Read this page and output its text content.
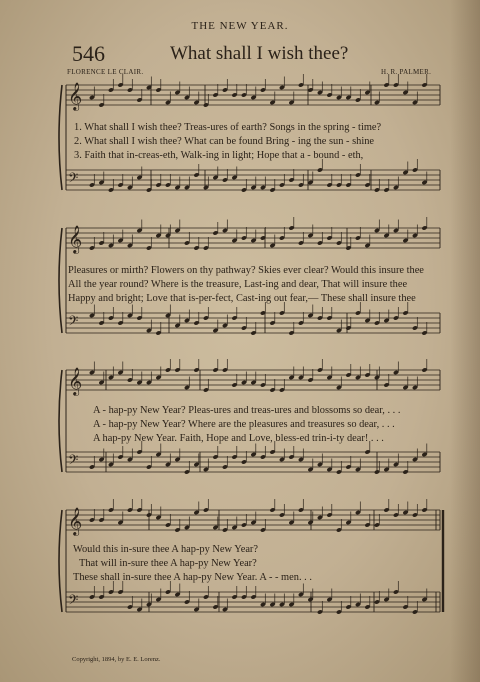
THE NEW YEAR.
546	What shall I wish thee?
FLORENCE LE CLAIR.	H. R. PALMER.
𝄞
𝄢
𝄞
𝄢
𝄞
𝄢
𝄞
𝄢
1. What shall I wish thee? Treas-ures of earth? Songs in the spring - time?
2. What shall I wish thee? What can be found Bring - ing the sun - shine
3. Faith that in-creas-eth, Walk-ing in light; Hope that a - bound - eth,
Pleasures or mirth? Flowers on thy pathway? Skies ever clear? Would this insure thee
All the year round? Where is the treasure, Last-ing and dear, That will insure thee
Happy and bright; Love that is-per-fect, Cast-ing out fear,— These shall insure thee
A - hap-py New Year? Pleas-ures and treas-ures and blossoms so dear, . . .
A - hap-py New Year? Where are the pleasures and treasures so dear, . . .
A hap-py New Year. Faith, Hope and Love, bless-ed trin-i-ty dear! . . .
Would this in-sure thee A hap-py New Year?
That will in-sure thee A hap-py New Year?
These shall in-sure thee A hap-py New Year. A - - men. . .
Copyright, 1894, by E. E. Lorenz.
